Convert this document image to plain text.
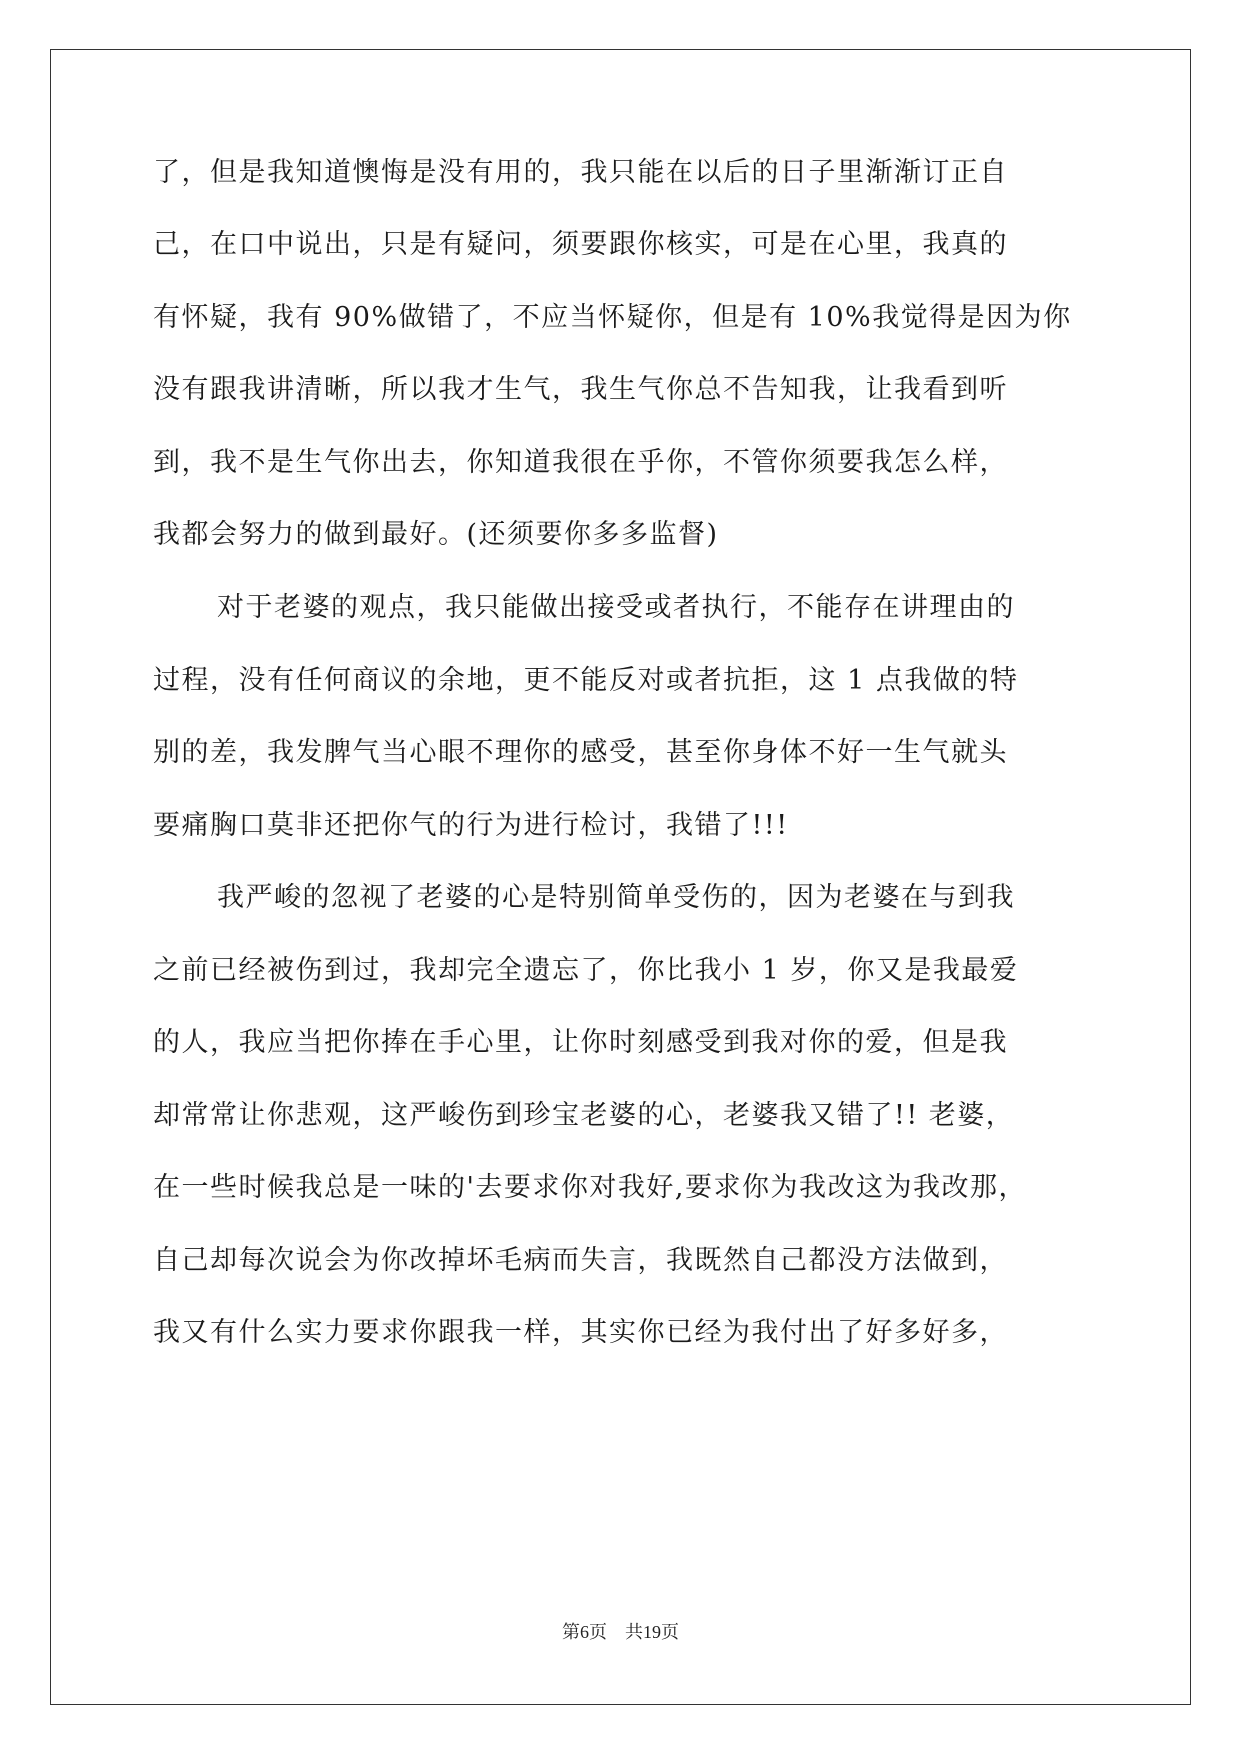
了，但是我知道懊悔是没有用的，我只能在以后的日子里渐渐订正自
己，在口中说出，只是有疑问，须要跟你核实，可是在心里，我真的
有怀疑，我有 90%做错了，不应当怀疑你，但是有 10%我觉得是因为你
没有跟我讲清晰，所以我才生气，我生气你总不告知我，让我看到听
到，我不是生气你出去，你知道我很在乎你，不管你须要我怎么样，
我都会努力的做到最好。(还须要你多多监督)
对于老婆的观点，我只能做出接受或者执行，不能存在讲理由的
过程，没有任何商议的余地，更不能反对或者抗拒，这 1 点我做的特
别的差，我发脾气当心眼不理你的感受，甚至你身体不好一生气就头
要痛胸口莫非还把你气的行为进行检讨，我错了!!!
我严峻的忽视了老婆的心是特别简单受伤的，因为老婆在与到我
之前已经被伤到过，我却完全遗忘了，你比我小 1 岁，你又是我最爱
的人，我应当把你捧在手心里，让你时刻感受到我对你的爱，但是我
却常常让你悲观，这严峻伤到珍宝老婆的心，老婆我又错了!! 老婆，
在一些时候我总是一味的'去要求你对我好,要求你为我改这为我改那，
自己却每次说会为你改掉坏毛病而失言，我既然自己都没方法做到，
我又有什么实力要求你跟我一样，其实你已经为我付出了好多好多，
第6页　共19页
